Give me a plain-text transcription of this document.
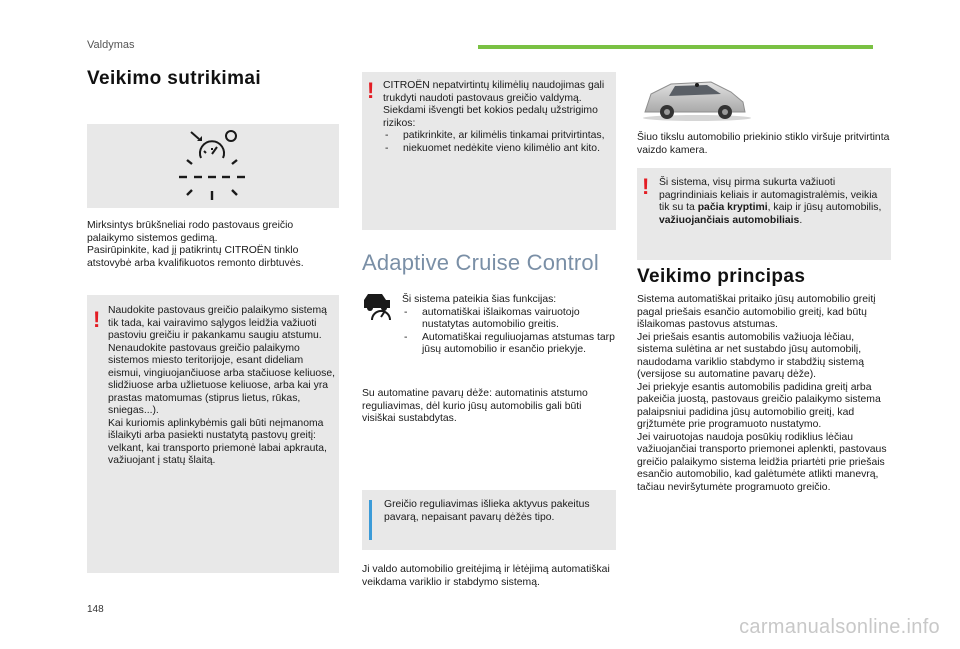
Valdymas
Veikimo sutrikimai
Mirksintys brūkšneliai rodo pastovaus greičio palaikymo sistemos gedimą.
Pasirūpinkite, kad jį patikrintų CITROËN tinklo atstovybė arba kvalifikuotos remonto dirbtuvės.
! Naudokite pastovaus greičio palaikymo sistemą tik tada, kai vairavimo sąlygos leidžia važiuoti pastoviu greičiu ir pakankamu saugiu atstumu.
Nenaudokite pastovaus greičio palaikymo sistemos miesto teritorijoje, esant dideliam eismui, vingiuojančiuose arba stačiuose keliuose, slidžiuose arba užlietuose keliuose, arba kai yra prastas matomumas (stiprus lietus, rūkas, sniegas...).
Kai kuriomis aplinkybėmis gali būti neįmanoma išlaikyti arba pasiekti nustatytą pastovų greitį: velkant, kai transporto priemonė labai apkrauta, važiuojant į statų šlaitą.
! CITROËN nepatvirtintų kilimėlių naudojimas gali trukdyti naudoti pastovaus greičio valdymą.
Siekdami išvengti bet kokios pedalų užstrigimo rizikos:
- patikrinkite, ar kilimėlis tinkamai pritvirtintas,
- niekuomet nedėkite vieno kilimėlio ant kito.
Adaptive Cruise Control
Ši sistema pateikia šias funkcijas:
- automatiškai išlaikomas vairuotojo nustatytas automobilio greitis.
- Automatiškai reguliuojamas atstumas tarp jūsų automobilio ir esančio priekyje.
Su automatine pavarų dėže: automatinis atstumo reguliavimas, dėl kurio jūsų automobilis gali būti visiškai sustabdytas.
Greičio reguliavimas išlieka aktyvus pakeitus pavarą, nepaisant pavarų dėžės tipo.
Ji valdo automobilio greitėjimą ir lėtėjimą automatiškai veikdama variklio ir stabdymo sistemą.
Šiuo tikslu automobilio priekinio stiklo viršuje pritvirtinta vaizdo kamera.
! Ši sistema, visų pirma sukurta važiuoti pagrindiniais keliais ir automagistralėmis, veikia tik su ta pačia kryptimi, kaip ir jūsų automobilis, važiuojančiais automobiliais.
Veikimo principas
Sistema automatiškai pritaiko jūsų automobilio greitį pagal priešais esančio automobilio greitį, kad būtų išlaikomas pastovus atstumas.
Jei priešais esantis automobilis važiuoja lėčiau, sistema sulėtina ar net sustabdo jūsų automobilį, naudodama variklio stabdymo ir stabdžių sistemą (versijose su automatine pavarų dėže).
Jei priekyje esantis automobilis padidina greitį arba pakeičia juostą, pastovaus greičio palaikymo sistema palaipsniui padidina jūsų automobilio greitį, kad grįžtumėte prie programuoto nustatymo.
Jei vairuotojas naudoja posūkių rodiklius lėčiau važiuojančiai transporto priemonei aplenkti, pastovaus greičio palaikymo sistema leidžia priartėti prie priešais esančio automobilio, kad galėtumėte atlikti manevrą, tačiau neviršytumėte programuoto greičio.
148
carmanualsonline.info
